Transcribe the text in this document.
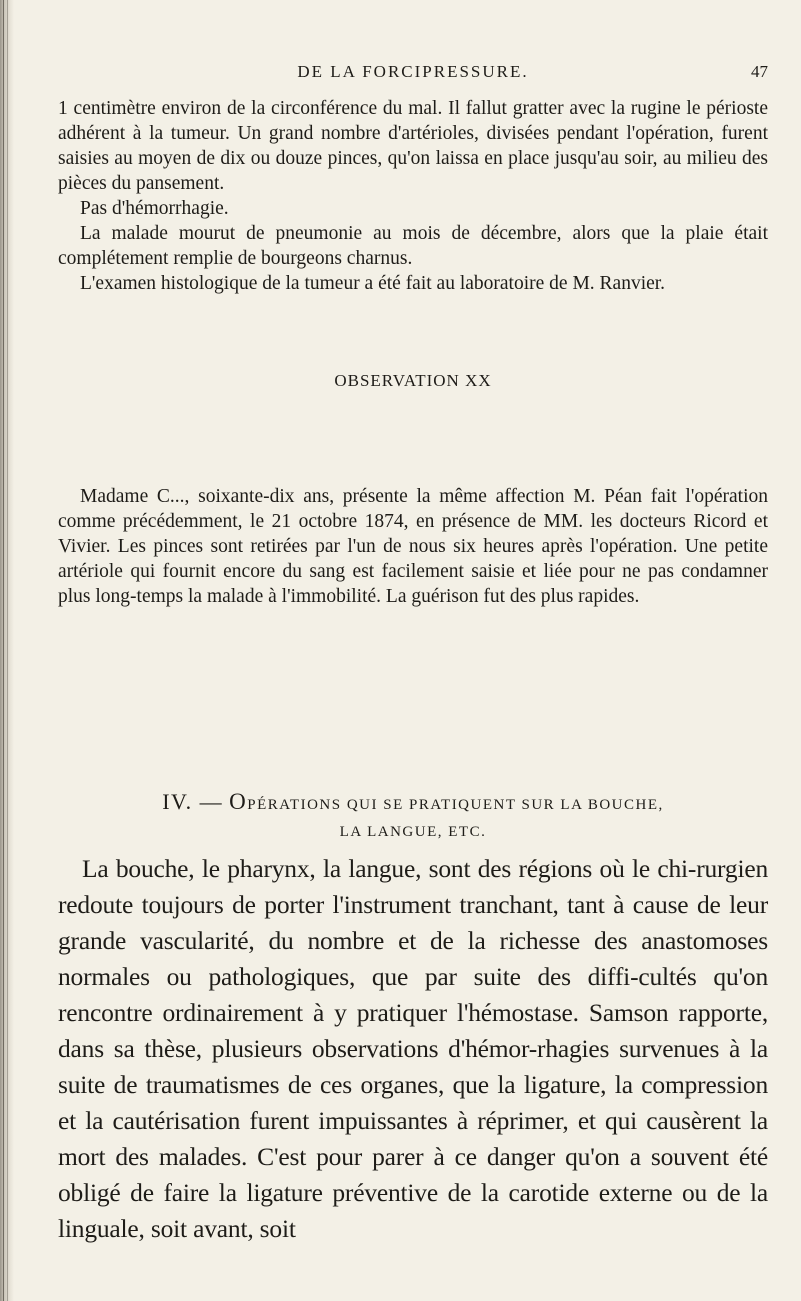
DE LA FORCIPRESSURE.	47

1 centimètre environ de la circonférence du mal. Il fallut gratter avec la rugine le périoste adhérent à la tumeur. Un grand nombre d'artérioles, divisées pendant l'opération, furent saisies au moyen de dix ou douze pinces, qu'on laissa en place jusqu'au soir, au milieu des pièces du pansement.

Pas d'hémorrhagie.

La malade mourut de pneumonie au mois de décembre, alors que la plaie était complétement remplie de bourgeons charnus.

L'examen histologique de la tumeur a été fait au laboratoire de M. Ranvier.

OBSERVATION XX

Madame C..., soixante-dix ans, présente la même affection M. Péan fait l'opération comme précédemment, le 21 octobre 1874, en présence de MM. les docteurs Ricord et Vivier. Les pinces sont retirées par l'un de nous six heures après l'opération. Une petite artériole qui fournit encore du sang est facilement saisie et liée pour ne pas condamner plus long-temps la malade à l'immobilité. La guérison fut des plus rapides.

IV. — OPÉRATIONS QUI SE PRATIQUENT SUR LA BOUCHE,
LA LANGUE, ETC.

La bouche, le pharynx, la langue, sont des régions où le chi-rurgien redoute toujours de porter l'instrument tranchant, tant à cause de leur grande vascularité, du nombre et de la richesse des anastomoses normales ou pathologiques, que par suite des diffi-cultés qu'on rencontre ordinairement à y pratiquer l'hémostase. Samson rapporte, dans sa thèse, plusieurs observations d'hémor-rhagies survenues à la suite de traumatismes de ces organes, que la ligature, la compression et la cautérisation furent impuissantes à réprimer, et qui causèrent la mort des malades. C'est pour parer à ce danger qu'on a souvent été obligé de faire la ligature préventive de la carotide externe ou de la linguale, soit avant, soit
